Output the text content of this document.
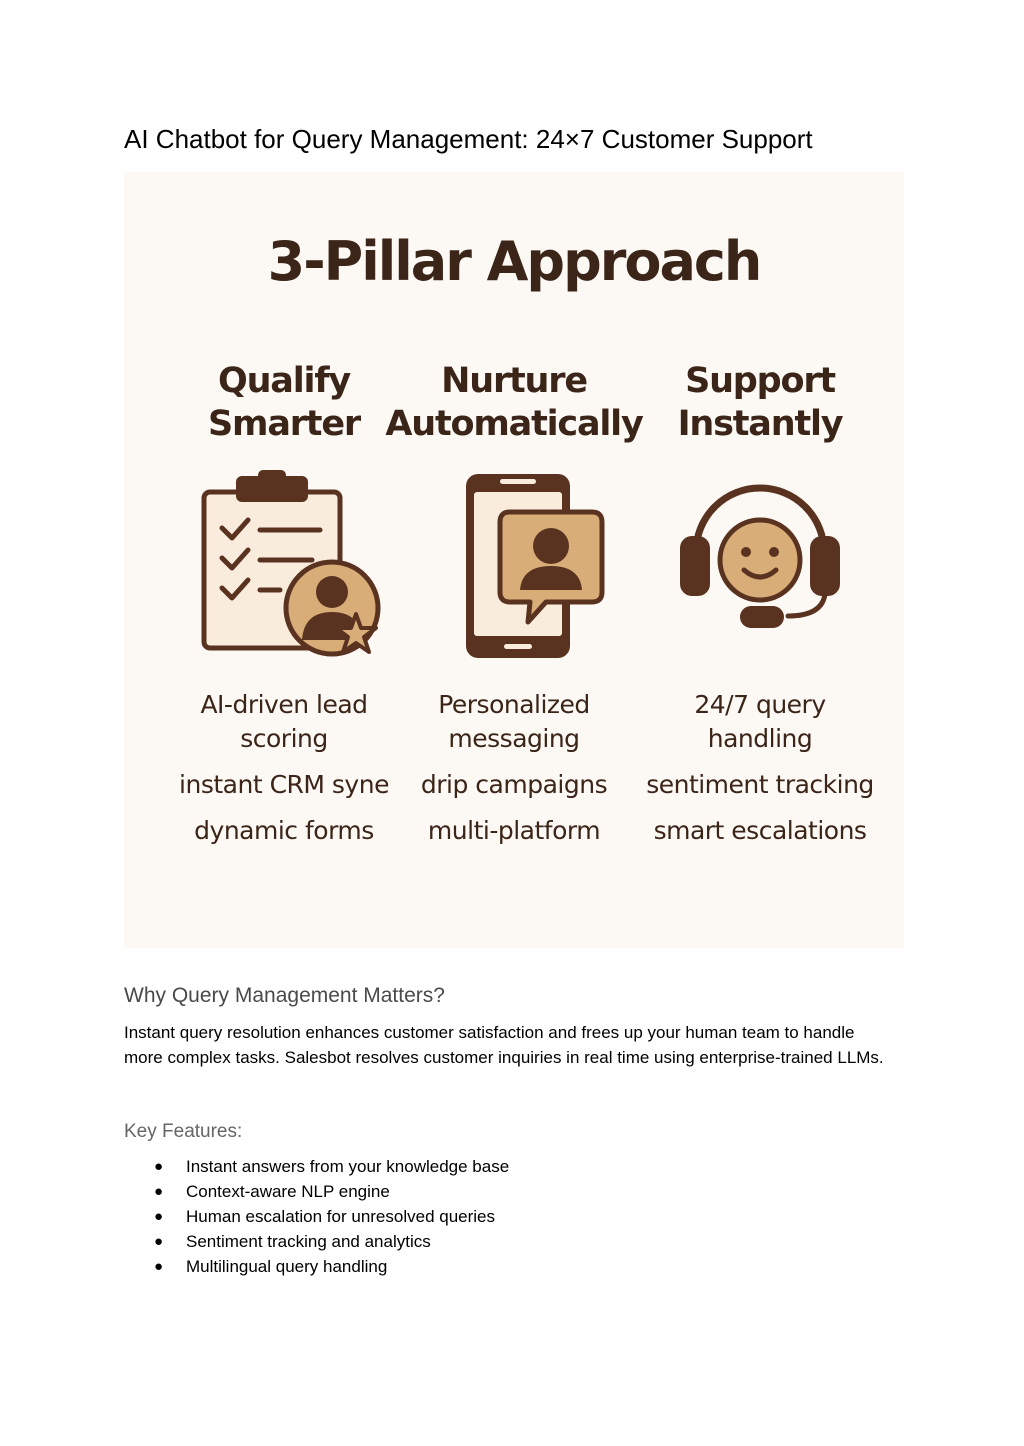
AI Chatbot for Query Management: 24×7 Customer Support
3-Pillar Approach
Qualify
Smarter
AI-driven lead
scoring
instant CRM syne
dynamic forms
Nurture
Automatically
Personalized
messaging
drip campaigns
multi-platform
Support
Instantly
24/7 query
handling
sentiment tracking
smart escalations
Why Query Management Matters?
Instant query resolution enhances customer satisfaction and frees up your human team to handle more complex tasks. Salesbot resolves customer inquiries in real time using enterprise-trained LLMs.
Key Features:
● Instant answers from your knowledge base
● Context-aware NLP engine
● Human escalation for unresolved queries
● Sentiment tracking and analytics
● Multilingual query handling
